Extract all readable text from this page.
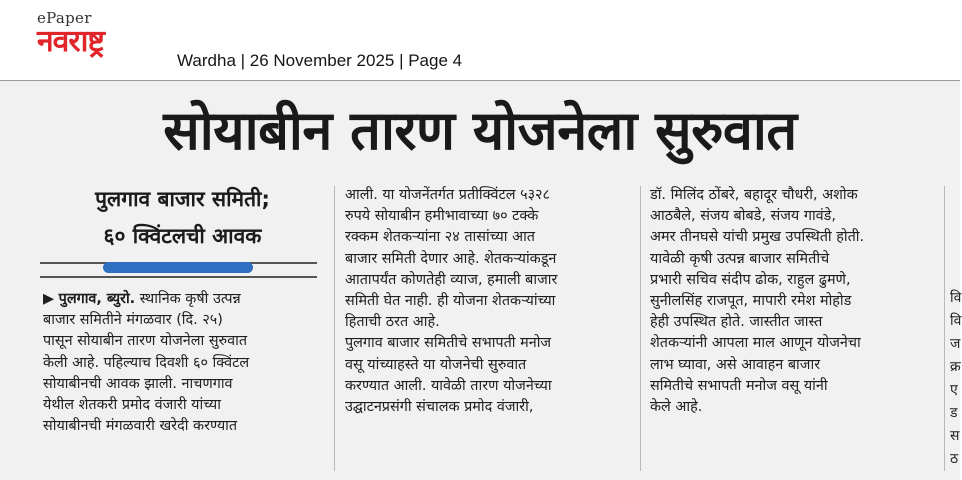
ePaper
नवराष्ट्र
Wardha | 26 November 2025 | Page 4
सोयाबीन तारण योजनेला सुरुवात
पुलगाव बाजार समिती;
६० क्विंटलची आवक
▶ पुलगाव, ब्युरो. स्थानिक कृषी उत्पन्न
बाजार समितीने मंगळवार (दि. २५)
पासून सोयाबीन तारण योजनेला सुरुवात
केली आहे. पहिल्याच दिवशी ६० क्विंटल
सोयाबीनची आवक झाली. नाचणगाव
येथील शेतकरी प्रमोद वंजारी यांच्या
सोयाबीनची मंगळवारी खरेदी करण्यात
आली. या योजनेंतर्गत प्रतीक्विंटल ५३२८
रुपये सोयाबीन हमीभावाच्या ७० टक्के
रक्कम शेतकऱ्यांना २४ तासांच्या आत
बाजार समिती देणार आहे. शेतकऱ्यांकडून
आतापर्यंत कोणतेही व्याज, हमाली बाजार
समिती घेत नाही. ही योजना शेतकऱ्यांच्या
हिताची ठरत आहे.
पुलगाव बाजार समितीचे सभापती मनोज
वसू यांच्याहस्ते या योजनेची सुरुवात
करण्यात आली. यावेळी तारण योजनेच्या
उद्घाटनप्रसंगी संचालक प्रमोद वंजारी,
डॉ. मिलिंद ठोंबरे, बहादूर चौधरी, अशोक
आठबैले, संजय बोबडे, संजय गावंडे,
अमर तीनघसे यांची प्रमुख उपस्थिती होती.
यावेळी कृषी उत्पन्न बाजार समितीचे
प्रभारी सचिव संदीप ढोक, राहुल ढुमणे,
सुनीलसिंह राजपूत, मापारी रमेश मोहोड
हेही उपस्थित होते. जास्तीत जास्त
शेतकऱ्यांनी आपला माल आणून योजनेचा
लाभ घ्यावा, असे आवाहन बाजार
समितीचे सभापती मनोज वसू यांनी
केले आहे.
वि
वि
ज
क्र
ए
ड
स
ठ
